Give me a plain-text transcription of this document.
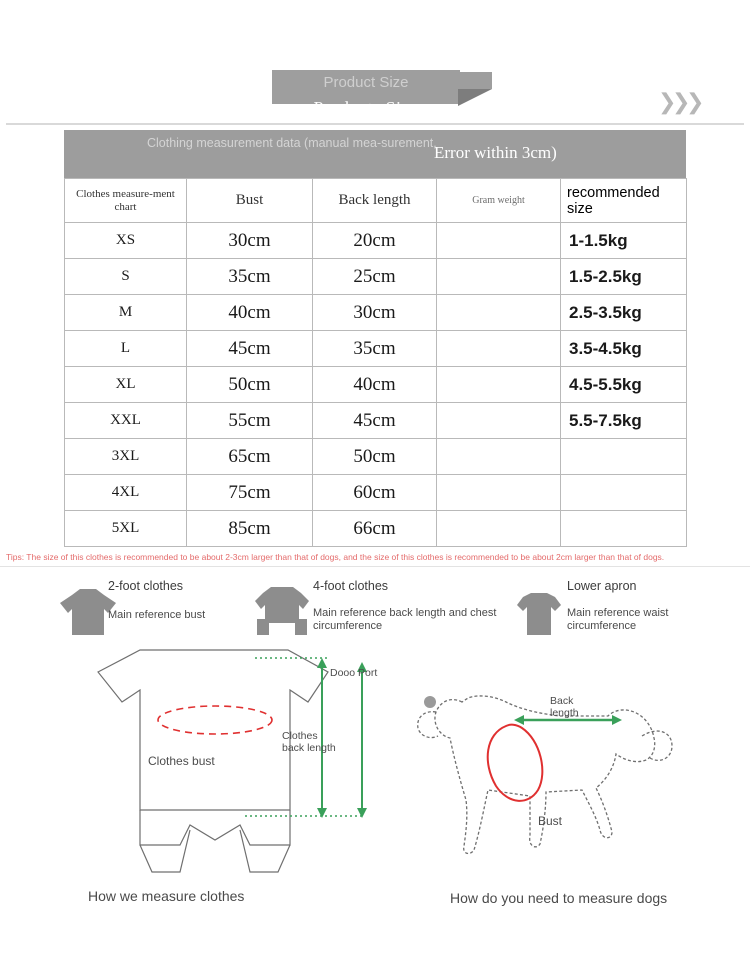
Product Size
Products Size	❯
❯
❯
Clothing measurement data (manual mea-surement,
Error within 3cm)
Clothes measure-ment chart	Bust	Back length	Gram weight	recommended size
XS	30cm	20cm		1-1.5kg
S	35cm	25cm		1.5-2.5kg
M	40cm	30cm		2.5-3.5kg
L	45cm	35cm		3.5-4.5kg
XL	50cm	40cm		4.5-5.5kg
XXL	55cm	45cm		5.5-7.5kg
3XL	65cm	50cm		
4XL	75cm	60cm		
5XL	85cm	66cm		
Tips: The size of this clothes is recommended to be about 2-3cm larger than that of dogs, and the size of this clothes is recommended to be about 2cm larger than that of dogs.
2-foot clothes
Main reference bust
4-foot clothes
Main reference back length and chest circumference
Lower apron
Main reference waist circumference
Dooo Port
Clothes back length
Clothes bust
Back length
Bust
How we measure clothes	How do you need to measure dogs
